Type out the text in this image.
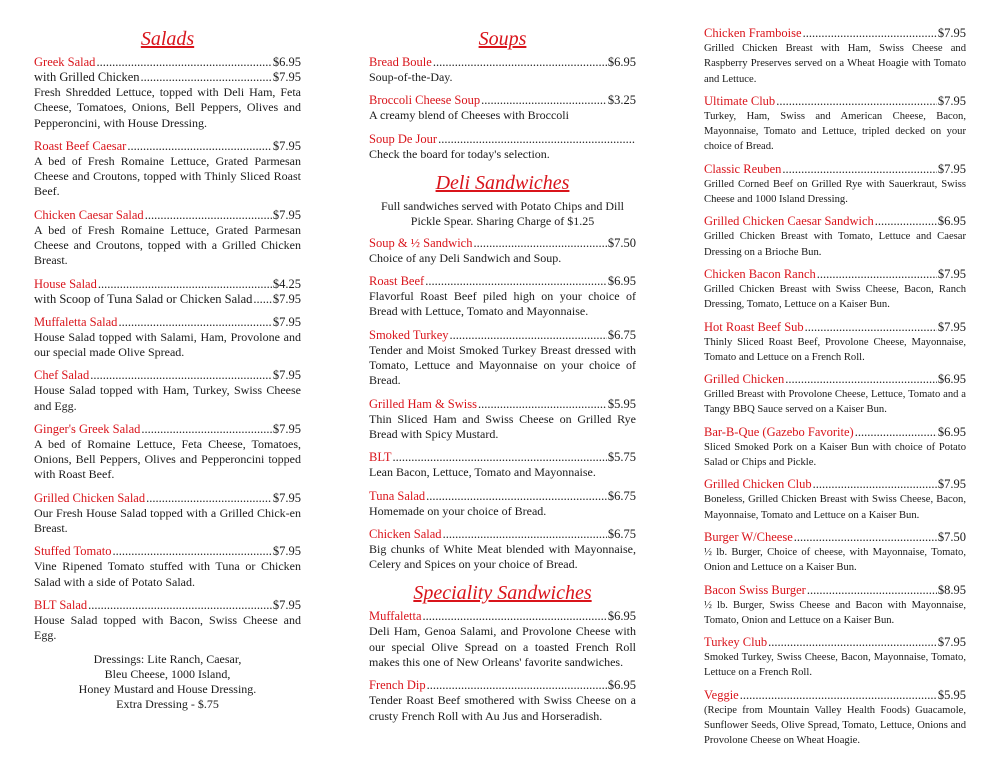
Salads
Greek Salad .....	$6.95
with Grilled Chicken .....	$7.95
Fresh Shredded Lettuce, topped with Deli Ham, Feta Cheese, Tomatoes, Onions, Bell Peppers, Olives and Pepperoncini, with House Dressing.
Roast Beef Caesar .....	$7.95
A bed of Fresh Romaine Lettuce, Grated Parmesan Cheese and Croutons, topped with Thinly Sliced Roast Beef.
Chicken Caesar Salad .....	$7.95
A bed of Fresh Romaine Lettuce, Grated Parmesan Cheese and Croutons, topped with a Grilled Chicken Breast.
House Salad .....	$4.25
with Scoop of Tuna Salad or Chicken Salad ..... $7.95
Muffaletta Salad .....	$7.95
House Salad topped with Salami, Ham, Provolone and our special made Olive Spread.
Chef Salad .....	$7.95
House Salad topped with Ham, Turkey, Swiss Cheese and Egg.
Ginger's Greek Salad .....	$7.95
A bed of Romaine Lettuce, Feta Cheese, Tomatoes, Onions, Bell Peppers, Olives and Pepperoncini topped with Roast Beef.
Grilled Chicken Salad .....	$7.95
Our Fresh House Salad topped with a Grilled Chick-en Breast.
Stuffed Tomato .....	$7.95
Vine Ripened Tomato stuffed with Tuna or Chicken Salad with a side of Potato Salad.
BLT Salad .....	$7.95
House Salad topped with Bacon, Swiss Cheese and Egg.
Dressings: Lite Ranch, Caesar,
Bleu Cheese, 1000 Island,
Honey Mustard and House Dressing.
Extra Dressing - $.75
Soups
Bread Boule .....	$6.95
Soup-of-the-Day.
Broccoli Cheese Soup .....	$3.25
A creamy blend of Cheeses with Broccoli
Soup De Jour
.....
Check the board for today's selection.
Deli Sandwiches
Full sandwiches served with Potato Chips and Dill Pickle Spear. Sharing Charge of $1.25
Soup & ½ Sandwich .....	$7.50
Choice of any Deli Sandwich and Soup.
Roast Beef .....	$6.95
Flavorful Roast Beef piled high on your choice of Bread with Lettuce, Tomato and Mayonnaise.
Smoked Turkey .....	$6.75
Tender and Moist Smoked Turkey Breast dressed with Tomato, Lettuce and Mayonnaise on your choice of Bread.
Grilled Ham & Swiss .....	$5.95
Thin Sliced Ham and Swiss Cheese on Grilled Rye Bread with Spicy Mustard.
BLT .....	$5.75
Lean Bacon, Lettuce, Tomato and Mayonnaise.
Tuna Salad .....	$6.75
Homemade on your choice of Bread.
Chicken Salad .....	$6.75
Big chunks of White Meat blended with Mayonnaise, Celery and Spices on your choice of Bread.
Speciality Sandwiches
Muffaletta .....	$6.95
Deli Ham, Genoa Salami, and Provolone Cheese with our special Olive Spread on a toasted French Roll makes this one of New Orleans' favorite sandwiches.
French Dip .....	$6.95
Tender Roast Beef smothered with Swiss Cheese on a crusty French Roll with Au Jus and Horseradish.
Chicken Framboise .....	$7.95
Grilled Chicken Breast with Ham, Swiss Cheese and Raspberry Preserves served on a Wheat Hoagie with Tomato and Lettuce.
Ultimate Club .....	$7.95
Turkey, Ham, Swiss and American Cheese, Bacon, Mayonnaise, Tomato and Lettuce, tripled decked on your choice of Bread.
Classic Reuben .....	$7.95
Grilled Corned Beef on Grilled Rye with Sauerkraut, Swiss Cheese and 1000 Island Dressing.
Grilled Chicken Caesar Sandwich .....	$6.95
Grilled Chicken Breast with Tomato, Lettuce and Caesar Dressing on a Brioche Bun.
Chicken Bacon Ranch .....	$7.95
Grilled Chicken Breast with Swiss Cheese, Bacon, Ranch Dressing, Tomato, Lettuce on a Kaiser Bun.
Hot Roast Beef Sub .....	$7.95
Thinly Sliced Roast Beef, Provolone Cheese, Mayonnaise, Tomato and Lettuce on a French Roll.
Grilled Chicken .....	$6.95
Grilled Breast with Provolone Cheese, Lettuce, Tomato and a Tangy BBQ Sauce served on a Kaiser Bun.
Bar-B-Que (Gazebo Favorite) .....	$6.95
Sliced Smoked Pork on a Kaiser Bun with choice of Potato Salad or Chips and Pickle.
Grilled Chicken Club .....	$7.95
Boneless, Grilled Chicken Breast with Swiss Cheese, Bacon, Mayonnaise, Tomato and Lettuce on a Kaiser Bun.
Burger W/Cheese .....	$7.50
½ lb. Burger, Choice of cheese, with Mayonnaise, Tomato, Onion and Lettuce on a Kaiser Bun.
Bacon Swiss Burger .....	$8.95
½ lb. Burger, Swiss Cheese and Bacon with Mayonnaise, Tomato, Onion and Lettuce on a Kaiser Bun.
Turkey Club .....	$7.95
Smoked Turkey, Swiss Cheese, Bacon, Mayonnaise, Tomato, Lettuce on a French Roll.
Veggie .....	$5.95
(Recipe from Mountain Valley Health Foods) Guacamole, Sunflower Seeds, Olive Spread, Tomato, Lettuce, Onions and Provolone Cheese on Wheat Hoagie.
